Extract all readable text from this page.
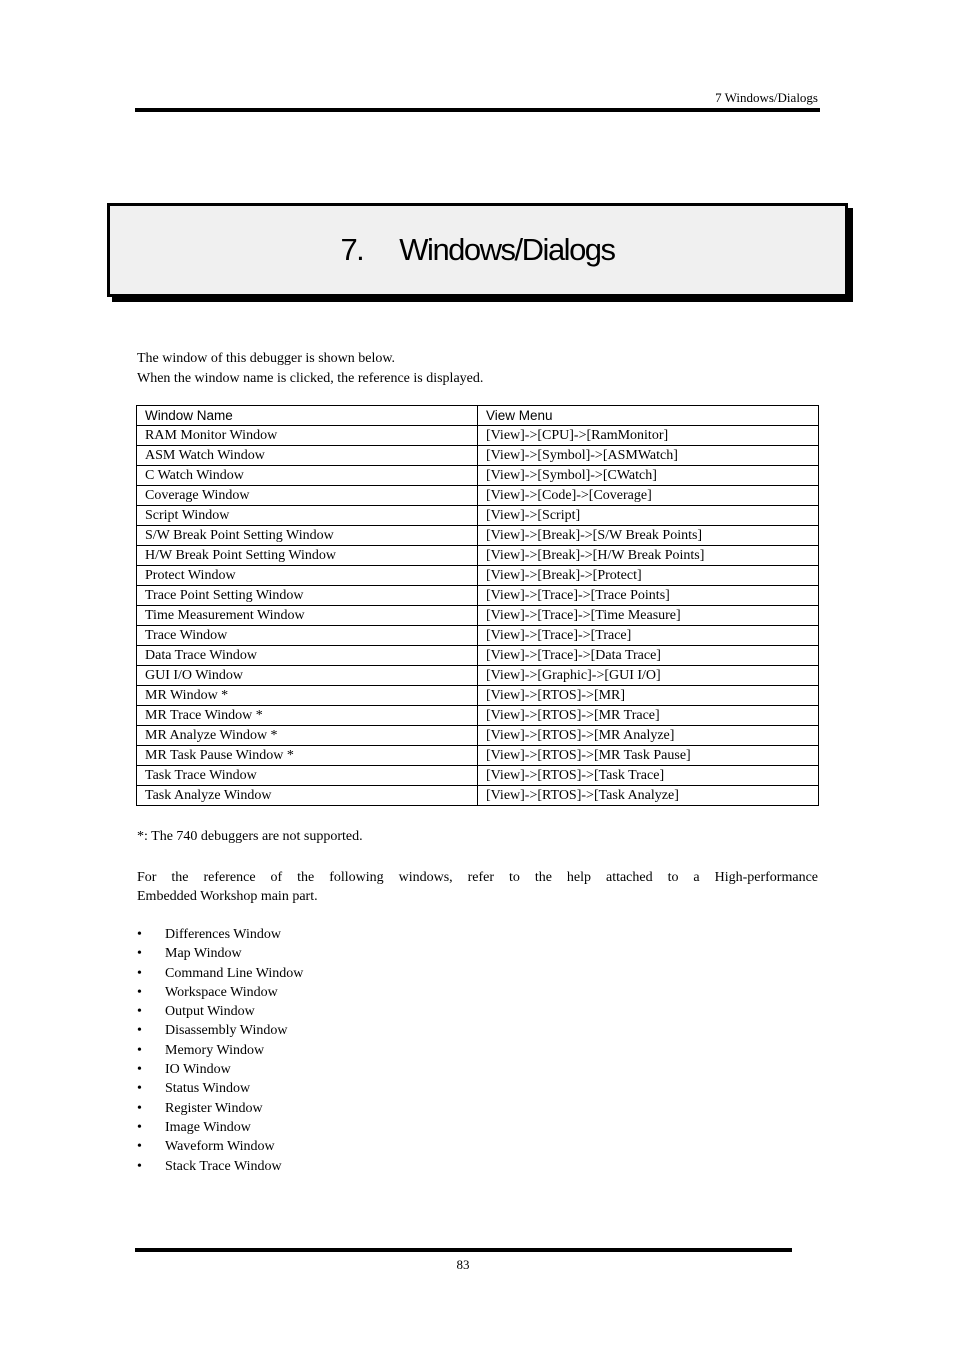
7 Windows/Dialogs
7. Windows/Dialogs
The window of this debugger is shown below.
When the window name is clicked, the reference is displayed.
Window Name	View Menu
RAM Monitor Window	[View]->[CPU]->[RamMonitor]
ASM Watch Window	[View]->[Symbol]->[ASMWatch]
C Watch Window	[View]->[Symbol]->[CWatch]
Coverage Window	[View]->[Code]->[Coverage]
Script Window	[View]->[Script]
S/W Break Point Setting Window	[View]->[Break]->[S/W Break Points]
H/W Break Point Setting Window	[View]->[Break]->[H/W Break Points]
Protect Window	[View]->[Break]->[Protect]
Trace Point Setting Window	[View]->[Trace]->[Trace Points]
Time Measurement Window	[View]->[Trace]->[Time Measure]
Trace Window	[View]->[Trace]->[Trace]
Data Trace Window	[View]->[Trace]->[Data Trace]
GUI I/O Window	[View]->[Graphic]->[GUI I/O]
MR Window *	[View]->[RTOS]->[MR]
MR Trace Window *	[View]->[RTOS]->[MR Trace]
MR Analyze Window *	[View]->[RTOS]->[MR Analyze]
MR Task Pause Window *	[View]->[RTOS]->[MR Task Pause]
Task Trace Window	[View]->[RTOS]->[Task Trace]
Task Analyze Window	[View]->[RTOS]->[Task Analyze]
*: The 740 debuggers are not supported.
For the reference of the following windows, refer to the help attached to a High-performance
Embedded Workshop main part.
•	Differences Window
•	Map Window
•	Command Line Window
•	Workspace Window
•	Output Window
•	Disassembly Window
•	Memory Window
•	IO Window
•	Status Window
•	Register Window
•	Image Window
•	Waveform Window
•	Stack Trace Window
83
